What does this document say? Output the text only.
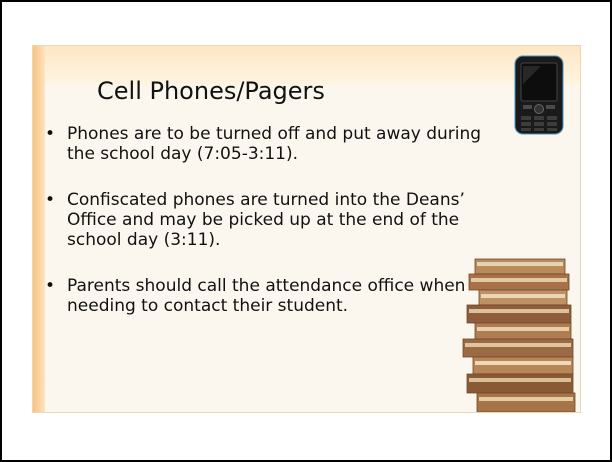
Cell Phones/Pagers
• Phones are to be turned off and put away during the school day (7:05-3:11).
• Confiscated phones are turned into the Deans’ Office and may be picked up at the end of the school day (3:11).
• Parents should call the attendance office when needing to contact their student.
